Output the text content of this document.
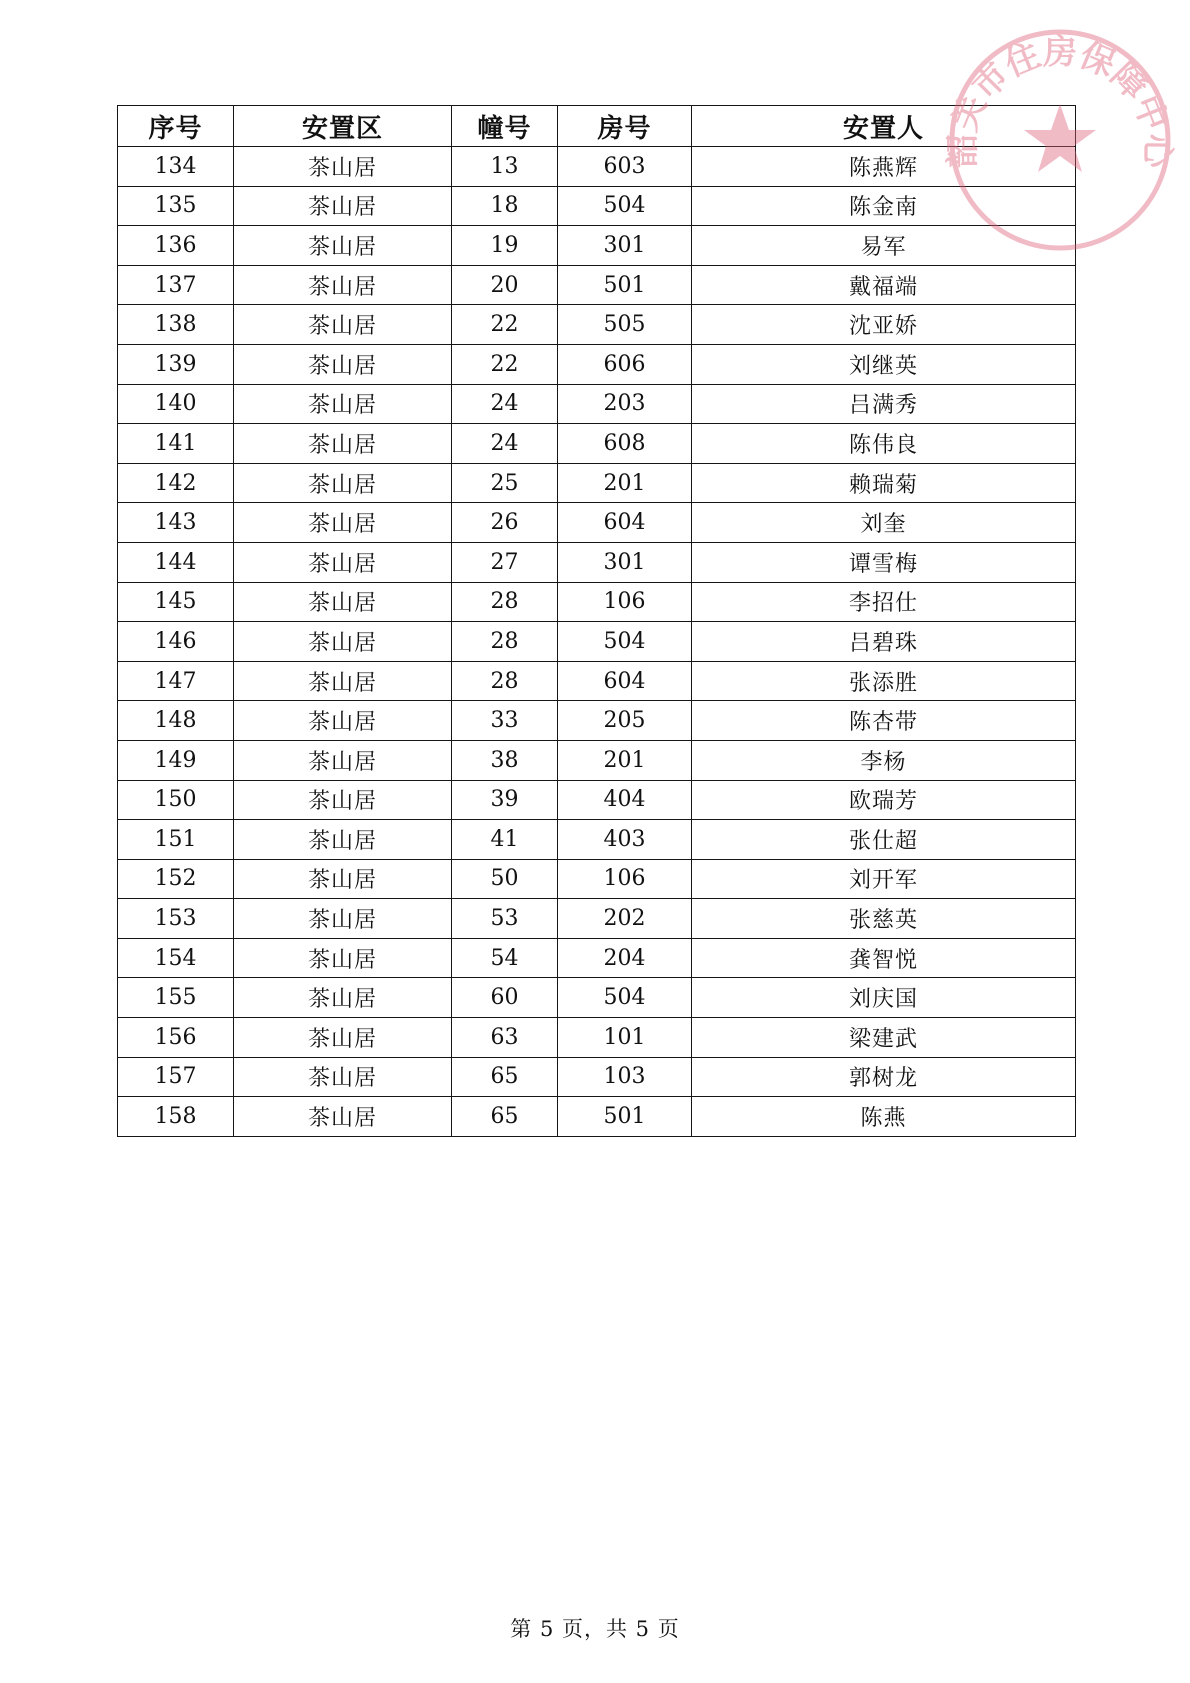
序号	安置区	幢号	房号	安置人
134	茶山居	13	603	陈燕辉
135	茶山居	18	504	陈金南
136	茶山居	19	301	易军
137	茶山居	20	501	戴福端
138	茶山居	22	505	沈亚娇
139	茶山居	22	606	刘继英
140	茶山居	24	203	吕满秀
141	茶山居	24	608	陈伟良
142	茶山居	25	201	赖瑞菊
143	茶山居	26	604	刘奎
144	茶山居	27	301	谭雪梅
145	茶山居	28	106	李招仕
146	茶山居	28	504	吕碧珠
147	茶山居	28	604	张添胜
148	茶山居	33	205	陈杏带
149	茶山居	38	201	李杨
150	茶山居	39	404	欧瑞芳
151	茶山居	41	403	张仕超
152	茶山居	50	106	刘开军
153	茶山居	53	202	张慈英
154	茶山居	54	204	龚智悦
155	茶山居	60	504	刘庆国
156	茶山居	63	101	梁建武
157	茶山居	65	103	郭树龙
158	茶山居	65	501	陈燕
韶关市住房保障中心
第 5 页，共 5 页
